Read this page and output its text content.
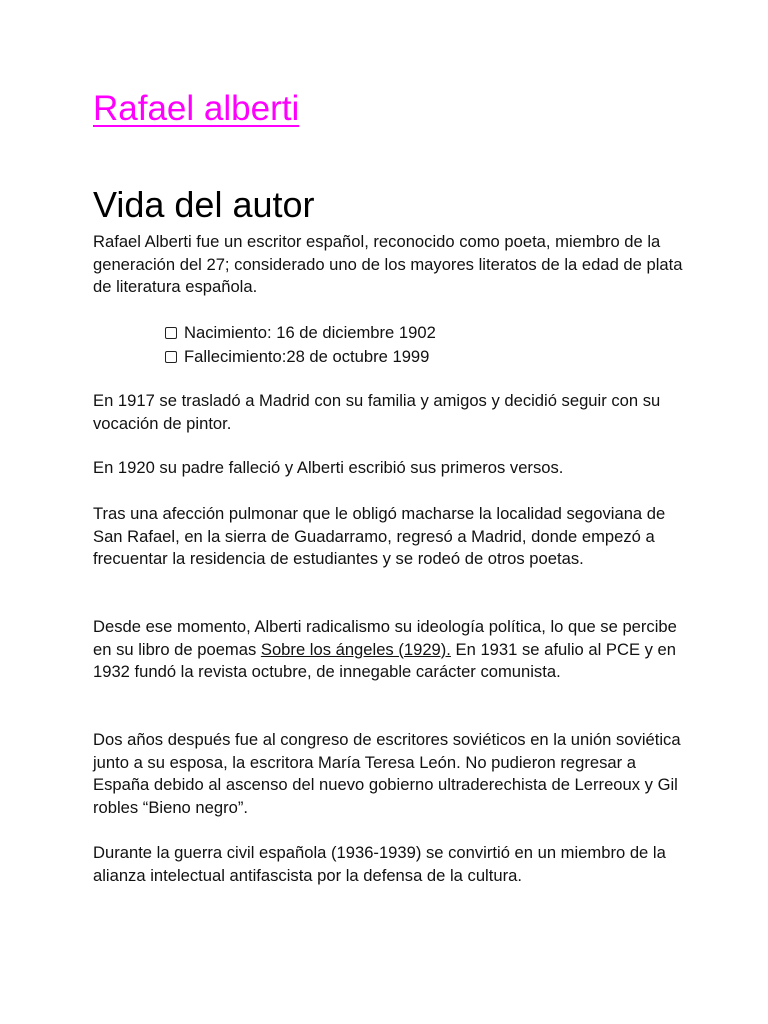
Rafael alberti
Vida del autor

Rafael Alberti fue un escritor español, reconocido como poeta, miembro de la generación del 27; considerado uno de los mayores literatos de la edad de plata de literatura española.

Nacimiento: 16 de diciembre 1902
Fallecimiento:28 de octubre 1999

En 1917 se trasladó a Madrid con su familia y amigos y decidió seguir con su vocación de pintor.

En 1920 su padre falleció y Alberti escribió sus primeros versos.

Tras una afección pulmonar que le obligó macharse la localidad segoviana de San Rafael, en la sierra de Guadarramo, regresó a Madrid, donde empezó a frecuentar la residencia de estudiantes y se rodeó de otros poetas.

Desde ese momento, Alberti radicalismo su ideología política, lo que se percibe en su libro de poemas Sobre los ángeles (1929). En 1931 se afulio al PCE y en 1932 fundó la revista octubre, de innegable carácter comunista.

Dos años después fue al congreso de escritores soviéticos en la unión soviética junto a su esposa, la escritora María Teresa León. No pudieron regresar a España debido al ascenso del nuevo gobierno ultraderechista de Lerreoux y Gil robles “Bieno negro”.

Durante la guerra civil española (1936-1939) se convirtió en un miembro de la alianza intelectual antifascista por la defensa de la cultura.
